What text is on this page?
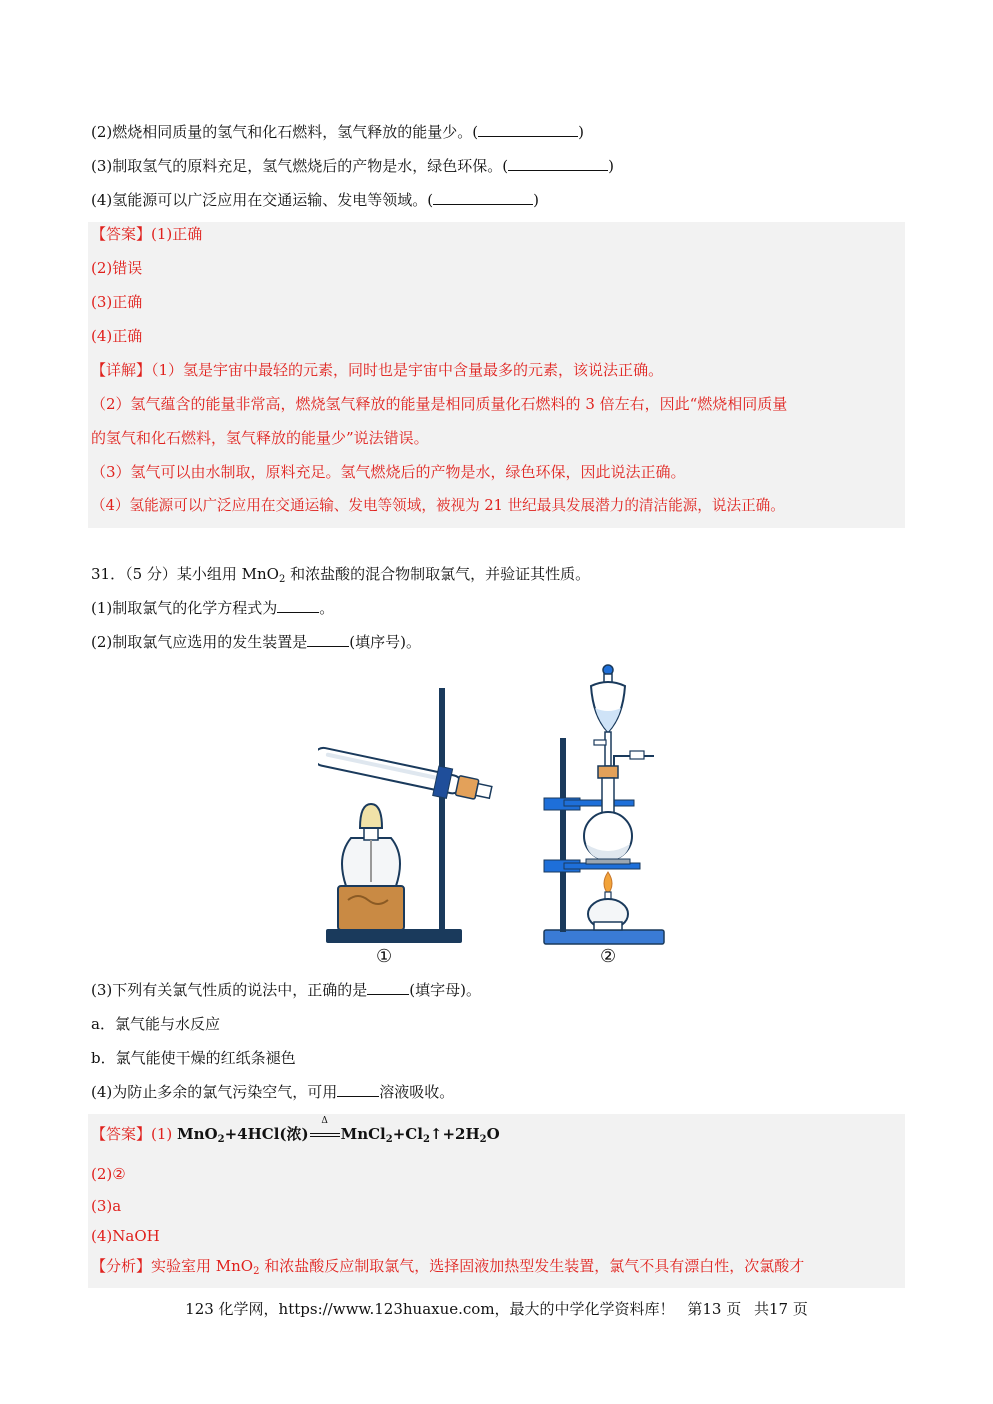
(2)燃烧相同质量的氢气和化石燃料，氢气释放的能量少。(	)
(3)制取氢气的原料充足，氢气燃烧后的产物是水，绿色环保。(	)
(4)氢能源可以广泛应用在交通运输、发电等领域。(	)
【答案】(1)正确
(2)错误
(3)正确
(4)正确
【详解】（1）氢是宇宙中最轻的元素，同时也是宇宙中含量最多的元素，该说法正确。
（2）氢气蕴含的能量非常高，燃烧氢气释放的能量是相同质量化石燃料的 3 倍左右，因此“燃烧相同质量
的氢气和化石燃料，氢气释放的能量少”说法错误。
（3）氢气可以由水制取，原料充足。氢气燃烧后的产物是水，绿色环保，因此说法正确。
（4）氢能源可以广泛应用在交通运输、发电等领域，被视为 21 世纪最具发展潜力的清洁能源，说法正确。
31．（5 分）某小组用 MnO$_2$ 和浓盐酸的混合物制取氯气，并验证其性质。
(1)制取氯气的化学方程式为	。
(2)制取氯气应选用的发生装置是	(填序号)。
①	②
(3)下列有关氯气性质的说法中，正确的是	(填字母)。
a．氯气能与水反应
b．氯气能使干燥的红纸条褪色
(4)为防止多余的氯气污染空气，可用	溶液吸收。
【答案】(1) MnO$_2$+4HCl(浓)
Δ
$MnCl_2+Cl_2↑+2H_2O$
(2)②
(3)a
(4)NaOH
【分析】实验室用 MnO$_2$ 和浓盐酸反应制取氯气，选择固液加热型发生装置，氯气不具有漂白性，次氯酸才
123 化学网，https://www.123huaxue.com，最大的中学化学资料库！ 第13 页 共17 页
